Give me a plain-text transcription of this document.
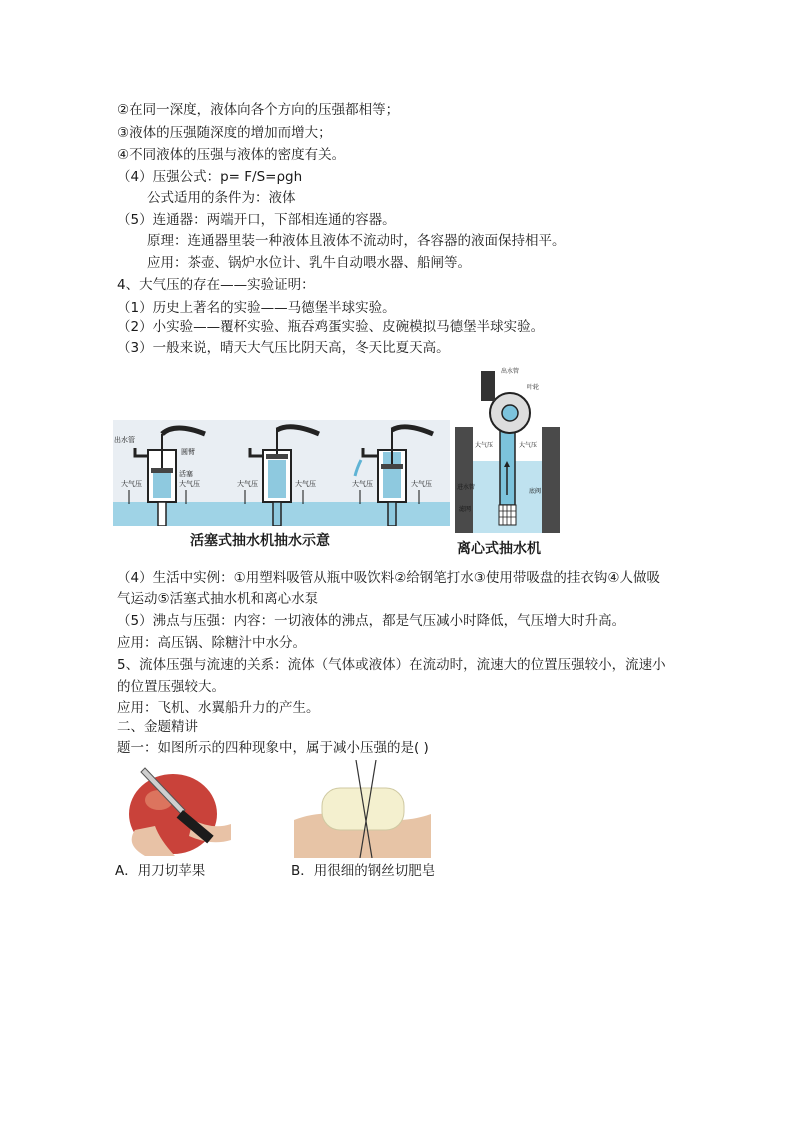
②在同一深度，液体向各个方向的压强都相等；
③液体的压强随深度的增加而增大；
④不同液体的压强与液体的密度有关。
（4）压强公式：p= F/S=ρgh
公式适用的条件为：液体
（5）连通器：两端开口，下部相连通的容器。
原理：连通器里装一种液体且液体不流动时，各容器的液面保持相平。
应用：茶壶、锅炉水位计、乳牛自动喂水器、船闸等。
4、大气压的存在——实验证明：
（1）历史上著名的实验——马德堡半球实验。
（2）小实验——覆杯实验、瓶吞鸡蛋实验、皮碗模拟马德堡半球实验。
（3）一般来说，晴天大气压比阴天高，冬天比夏天高。
出水管
圆臂
活塞
大气压	大气压	大气压	大气压	大气压	大气压
活塞式抽水机抽水示意
出水管
叶轮
大气压	大气压
进水管
底阀
滤网
离心式抽水机
（4）生活中实例：①用塑料吸管从瓶中吸饮料②给钢笔打水③使用带吸盘的挂衣钩④人做吸
气运动⑤活塞式抽水机和离心水泵
（5）沸点与压强：内容：一切液体的沸点，都是气压减小时降低，气压增大时升高。
应用：高压锅、除糖汁中水分。
5、流体压强与流速的关系：流体（气体或液体）在流动时，流速大的位置压强较小，流速小
的位置压强较大。
应用：飞机、水翼船升力的产生。
二、金题精讲
题一：如图所示的四种现象中，属于减小压强的是( )
A．用刀切苹果	B．用很细的钢丝切肥皂
